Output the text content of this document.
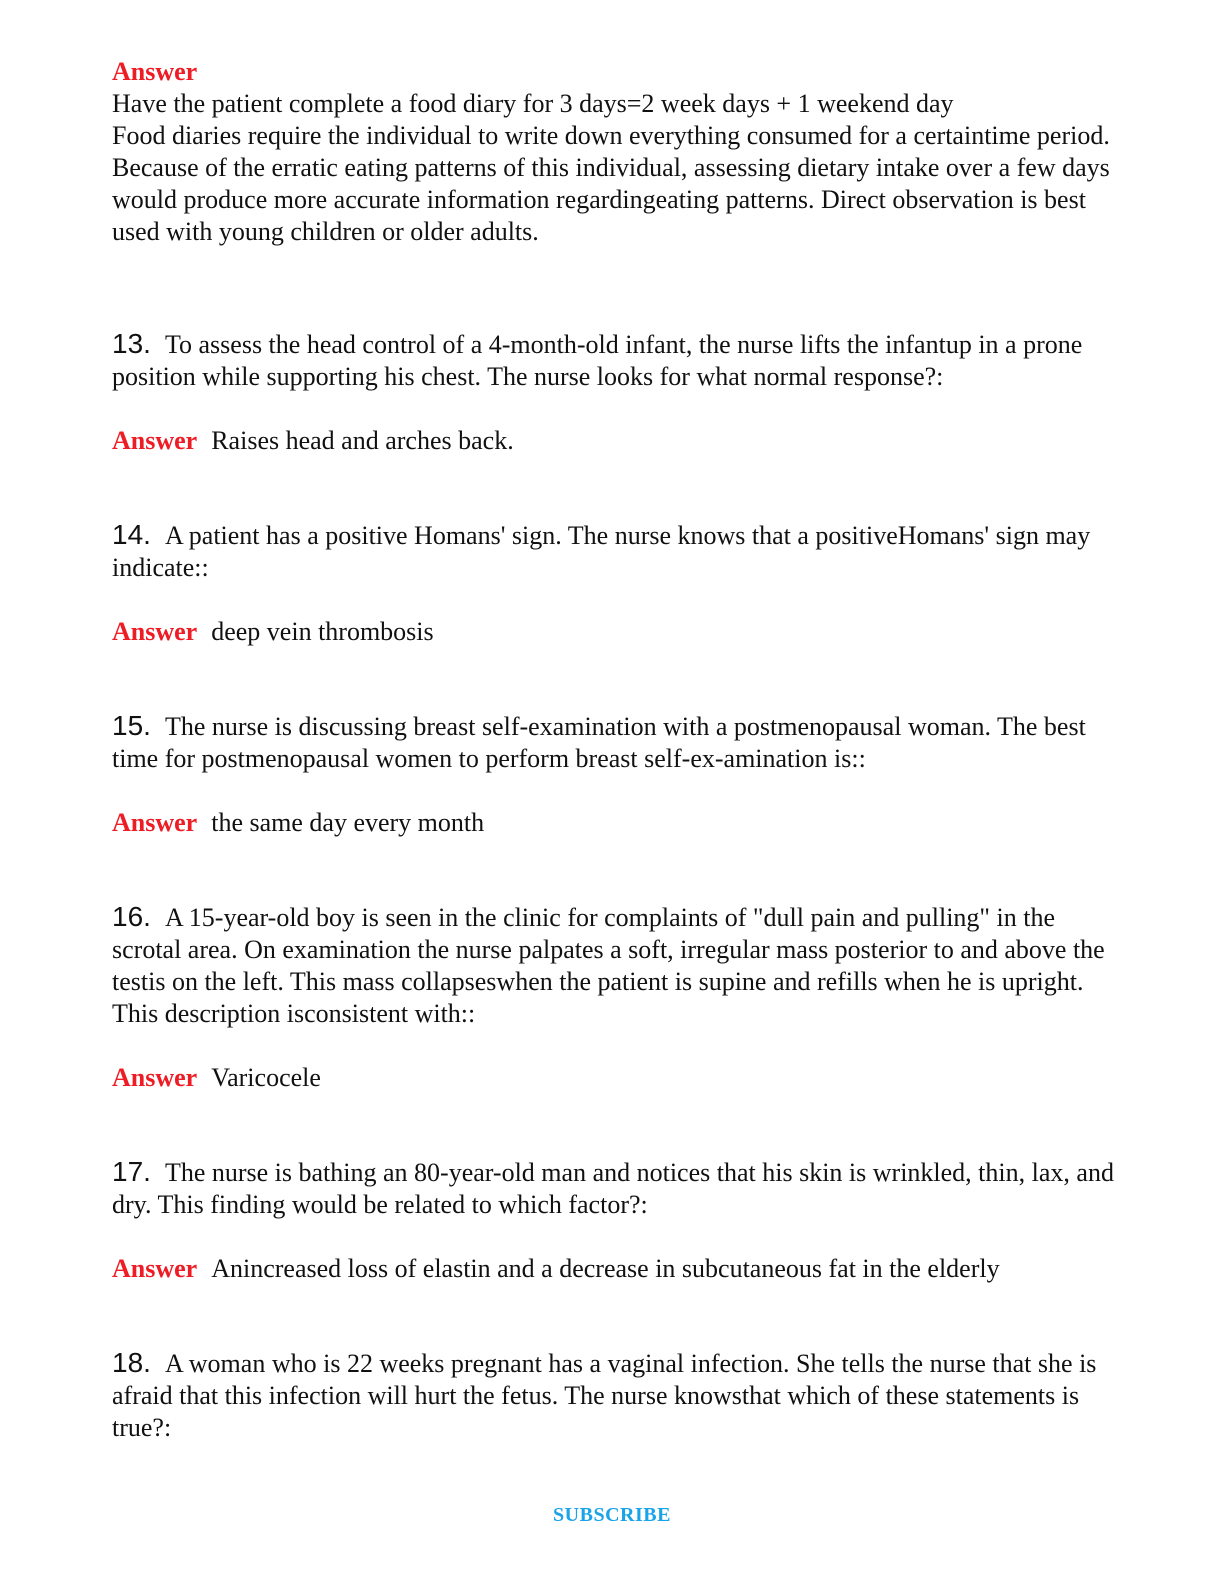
Answer

Have the patient complete a food diary for 3 days=2 week days + 1 weekend day

Food diaries require the individual to write down everything consumed for a certaintime period. Because of the erratic eating patterns of this individual, assessing dietary intake over a few days would produce more accurate information regardingeating patterns. Direct observation is best used with young children or older adults.

13. To assess the head control of a 4-month-old infant, the nurse lifts the infantup in a prone position while supporting his chest. The nurse looks for what normal response?:

Answer Raises head and arches back.

14. A patient has a positive Homans' sign. The nurse knows that a positiveHomans' sign may indicate::

Answer deep vein thrombosis

15. The nurse is discussing breast self-examination with a postmenopausal woman. The best time for postmenopausal women to perform breast self-ex-amination is::

Answer the same day every month

16. A 15-year-old boy is seen in the clinic for complaints of "dull pain and pulling" in the scrotal area. On examination the nurse palpates a soft, irregular mass posterior to and above the testis on the left. This mass collapseswhen the patient is supine and refills when he is upright. This description isconsistent with::

Answer Varicocele

17. The nurse is bathing an 80-year-old man and notices that his skin is wrinkled, thin, lax, and dry. This finding would be related to which factor?:

Answer Anincreased loss of elastin and a decrease in subcutaneous fat in the elderly

18. A woman who is 22 weeks pregnant has a vaginal infection. She tells the nurse that she is afraid that this infection will hurt the fetus. The nurse knowsthat which of these statements is true?:

SUBSCRIBE
